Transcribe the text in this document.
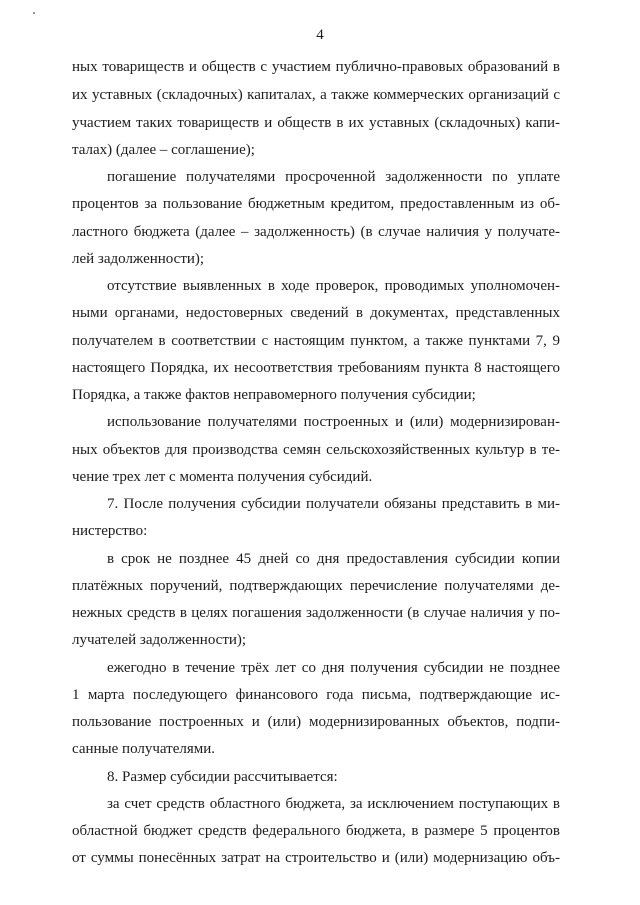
4
ных товариществ и обществ с участием публично-правовых образований в
их уставных (складочных) капиталах, а также коммерческих организаций с
участием таких товариществ и обществ в их уставных (складочных) капи-
талах) (далее – соглашение);
погашение получателями просроченной задолженности по уплате
процентов за пользование бюджетным кредитом, предоставленным из об-
ластного бюджета (далее – задолженность) (в случае наличия у получате-
лей задолженности);
отсутствие выявленных в ходе проверок, проводимых уполномочен-
ными органами, недостоверных сведений в документах, представленных
получателем в соответствии с настоящим пунктом, а также пунктами 7, 9
настоящего Порядка, их несоответствия требованиям пункта 8 настоящего
Порядка, а также фактов неправомерного получения субсидии;
использование получателями построенных и (или) модернизирован-
ных объектов для производства семян сельскохозяйственных культур в те-
чение трех лет с момента получения субсидий.
7. После получения субсидии получатели обязаны представить в ми-
нистерство:
в срок не позднее 45 дней со дня предоставления субсидии копии
платёжных поручений, подтверждающих перечисление получателями де-
нежных средств в целях погашения задолженности (в случае наличия у по-
лучателей задолженности);
ежегодно в течение трёх лет со дня получения субсидии не позднее
1 марта последующего финансового года письма, подтверждающие ис-
пользование построенных и (или) модернизированных объектов, подпи-
санные получателями.
8. Размер субсидии рассчитывается:
за счет средств областного бюджета, за исключением поступающих в
областной бюджет средств федерального бюджета, в размере 5 процентов
от суммы понесённых затрат на строительство и (или) модернизацию объ-
